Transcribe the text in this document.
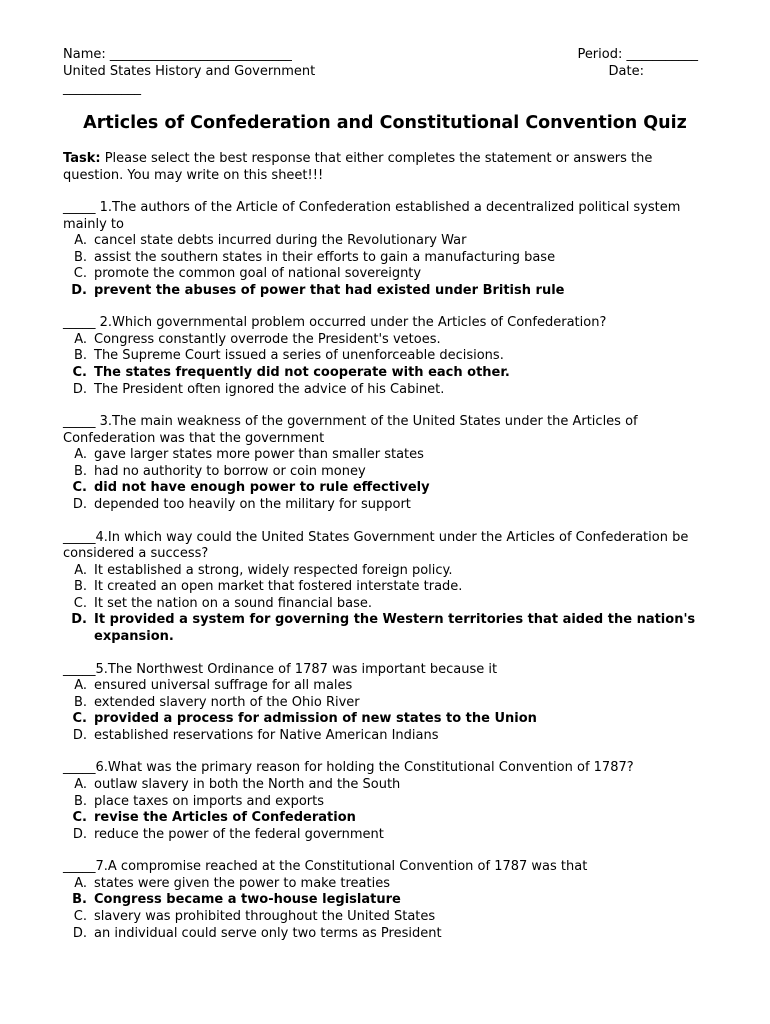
Name: ____________________________	Period: ___________
United States History and Government	Date:
____________
Articles of Confederation and Constitutional Convention Quiz
Task: Please select the best response that either completes the statement or answers the question. You may write on this sheet!!!
_____ 1.The authors of the Article of Confederation established a decentralized political system mainly to
A. cancel state debts incurred during the Revolutionary War
B. assist the southern states in their efforts to gain a manufacturing base
C. promote the common goal of national sovereignty
D. prevent the abuses of power that had existed under British rule
_____ 2.Which governmental problem occurred under the Articles of Confederation?
A. Congress constantly overrode the President's vetoes.
B. The Supreme Court issued a series of unenforceable decisions.
C. The states frequently did not cooperate with each other.
D. The President often ignored the advice of his Cabinet.
_____ 3.The main weakness of the government of the United States under the Articles of Confederation was that the government
A. gave larger states more power than smaller states
B. had no authority to borrow or coin money
C. did not have enough power to rule effectively
D. depended too heavily on the military for support
_____4.In which way could the United States Government under the Articles of Confederation be considered a success?
A. It established a strong, widely respected foreign policy.
B. It created an open market that fostered interstate trade.
C. It set the nation on a sound financial base.
D. It provided a system for governing the Western territories that aided the nation's expansion.
_____5.The Northwest Ordinance of 1787 was important because it
A. ensured universal suffrage for all males
B. extended slavery north of the Ohio River
C. provided a process for admission of new states to the Union
D. established reservations for Native American Indians
_____6.What was the primary reason for holding the Constitutional Convention of 1787?
A. outlaw slavery in both the North and the South
B. place taxes on imports and exports
C. revise the Articles of Confederation
D. reduce the power of the federal government
_____7.A compromise reached at the Constitutional Convention of 1787 was that
A. states were given the power to make treaties
B. Congress became a two-house legislature
C. slavery was prohibited throughout the United States
D. an individual could serve only two terms as President
